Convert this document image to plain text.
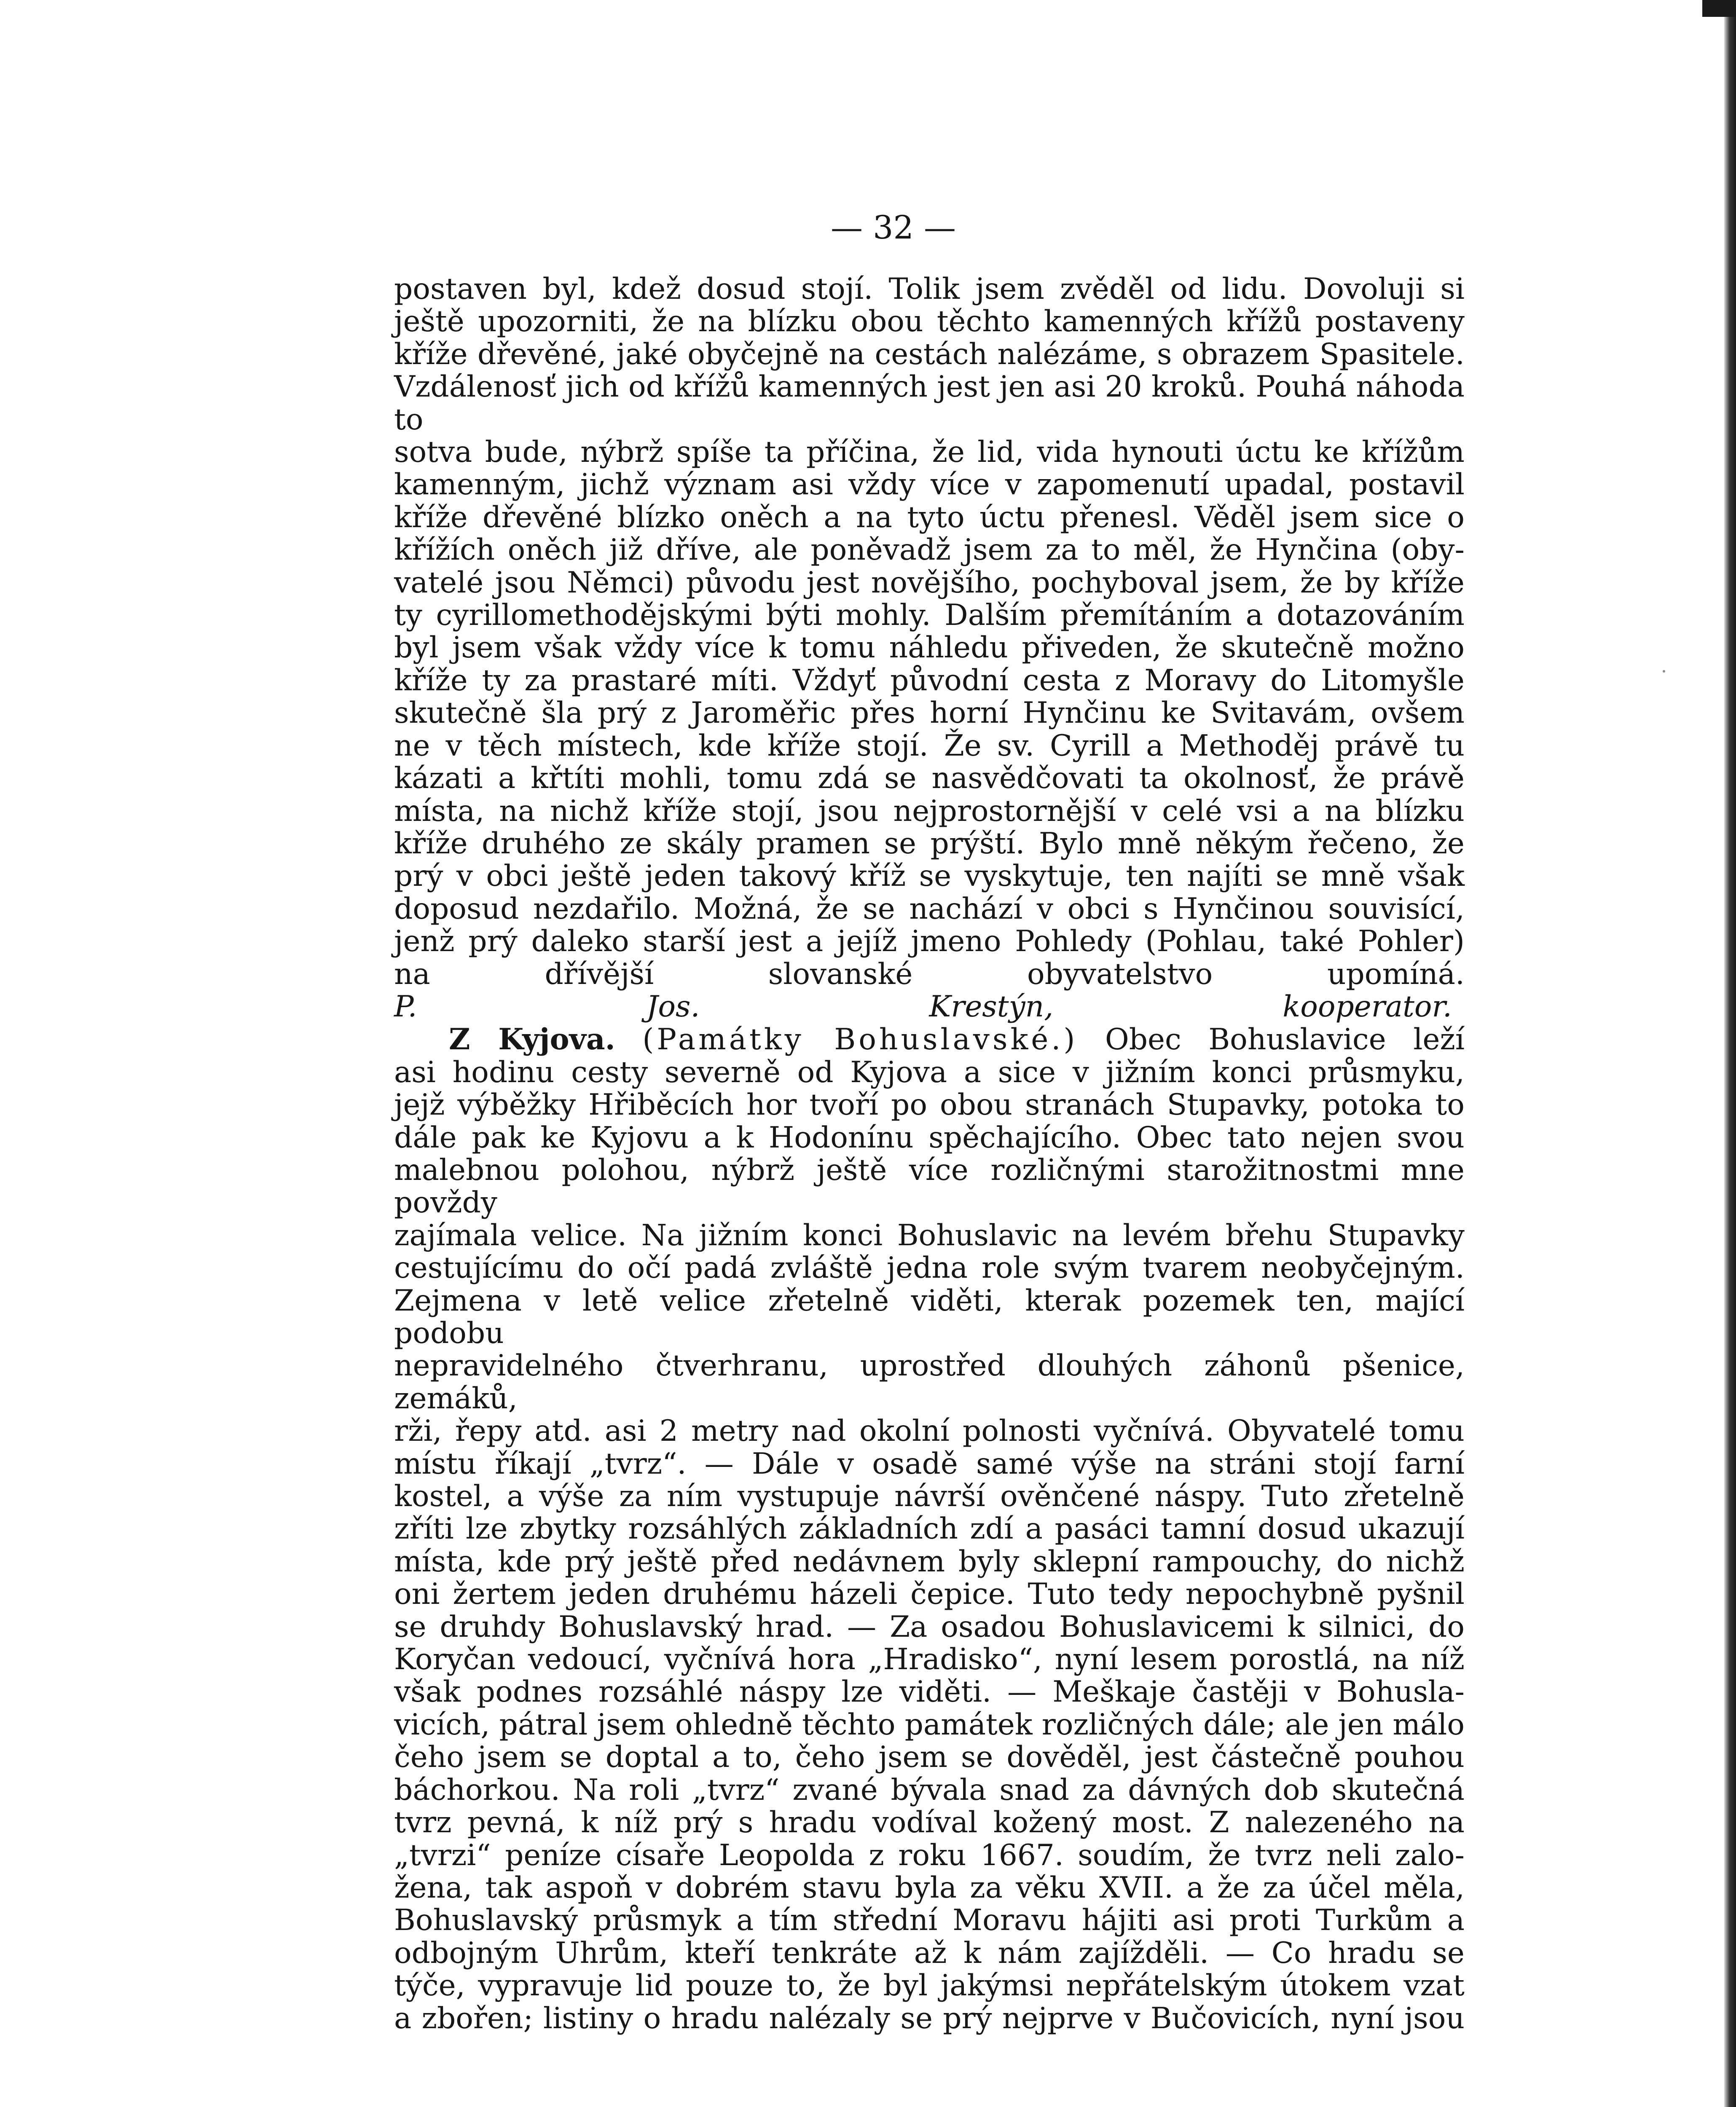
— 32 —

postaven byl, kdež dosud stojí. Tolik jsem zvěděl od lidu. Dovoluji si

ještě upozorniti, že na blízku obou těchto kamenných křížů postaveny

kříže dřevěné, jaké obyčejně na cestách nalézáme, s obrazem Spasitele.

Vzdálenosť jich od křížů kamenných jest jen asi 20 kroků. Pouhá náhoda to

sotva bude, nýbrž spíše ta příčina, že lid, vida hynouti úctu ke křížům

kamenným, jichž význam asi vždy více v zapomenutí upadal, postavil

kříže dřevěné blízko oněch a na tyto úctu přenesl. Věděl jsem sice o

křížích oněch již dříve, ale poněvadž jsem za to měl, že Hynčina (oby-

vatelé jsou Němci) původu jest novějšího, pochyboval jsem, že by kříže

ty cyrillomethodějskými býti mohly. Dalším přemítáním a dotazováním

byl jsem však vždy více k tomu náhledu přiveden, že skutečně možno

kříže ty za prastaré míti. Vždyť původní cesta z Moravy do Litomyšle

skutečně šla prý z Jaroměřic přes horní Hynčinu ke Svitavám, ovšem

ne v těch místech, kde kříže stojí. Že sv. Cyrill a Methoděj právě tu

kázati a křtíti mohli, tomu zdá se nasvědčovati ta okolnosť, že právě

místa, na nichž kříže stojí, jsou nejprostornější v celé vsi a na blízku

kříže druhého ze skály pramen se prýští. Bylo mně někým řečeno, že

prý v obci ještě jeden takový kříž se vyskytuje, ten najíti se mně však

doposud nezdařilo. Možná, že se nachází v obci s Hynčinou souvisící,

jenž prý daleko starší jest a jejíž jmeno Pohledy (Pohlau, také Pohler)

na dřívější slovanské obyvatelstvo upomíná.

P. Jos. Krestýn, kooperator.

Z Kyjova. (Památky Bohuslavské.) Obec Bohuslavice leží

asi hodinu cesty severně od Kyjova a sice v jižním konci průsmyku,

jejž výběžky Hřiběcích hor tvoří po obou stranách Stupavky, potoka to

dále pak ke Kyjovu a k Hodonínu spěchajícího. Obec tato nejen svou

malebnou polohou, nýbrž ještě více rozličnými starožitnostmi mne povždy

zajímala velice. Na jižním konci Bohuslavic na levém břehu Stupavky

cestujícímu do očí padá zvláště jedna role svým tvarem neobyčejným.

Zejmena v letě velice zřetelně viděti, kterak pozemek ten, mající podobu

nepravidelného čtverhranu, uprostřed dlouhých záhonů pšenice, zemáků,

rži, řepy atd. asi 2 metry nad okolní polnosti vyčnívá. Obyvatelé tomu

místu říkají „tvrz“. — Dále v osadě samé výše na stráni stojí farní

kostel, a výše za ním vystupuje návrší ověnčené náspy. Tuto zřetelně

zříti lze zbytky rozsáhlých základních zdí a pasáci tamní dosud ukazují

místa, kde prý ještě před nedávnem byly sklepní rampouchy, do nichž

oni žertem jeden druhému házeli čepice. Tuto tedy nepochybně pyšnil

se druhdy Bohuslavský hrad. — Za osadou Bohuslavicemi k silnici, do

Koryčan vedoucí, vyčnívá hora „Hradisko“, nyní lesem porostlá, na níž

však podnes rozsáhlé náspy lze viděti. — Meškaje častěji v Bohusla-

vicích, pátral jsem ohledně těchto památek rozličných dále; ale jen málo

čeho jsem se doptal a to, čeho jsem se dověděl, jest částečně pouhou

báchorkou. Na roli „tvrz“ zvané bývala snad za dávných dob skutečná

tvrz pevná, k níž prý s hradu vodíval kožený most. Z nalezeného na

„tvrzi“ peníze císaře Leopolda z roku 1667. soudím, že tvrz neli zalo-

žena, tak aspoň v dobrém stavu byla za věku XVII. a že za účel měla,

Bohuslavský průsmyk a tím střední Moravu hájiti asi proti Turkům a

odbojným Uhrům, kteří tenkráte až k nám zajížděli. — Co hradu se

týče, vypravuje lid pouze to, že byl jakýmsi nepřátelským útokem vzat

a zbořen; listiny o hradu nalézaly se prý nejprve v Bučovicích, nyní jsou
